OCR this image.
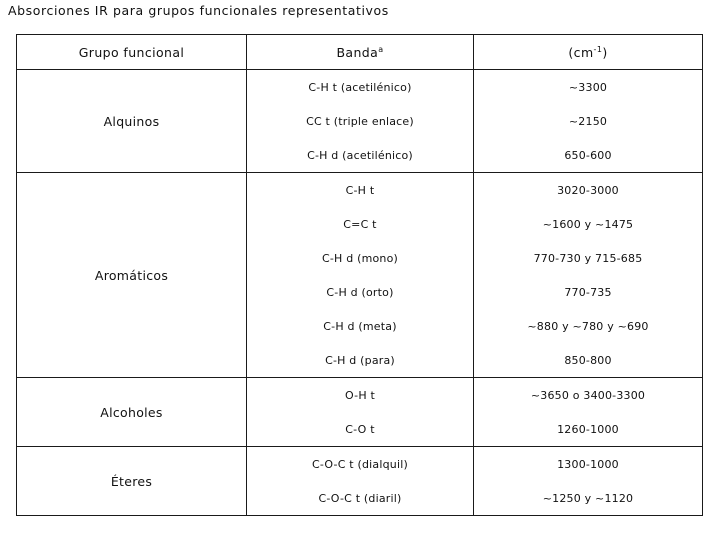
Absorciones IR para grupos funcionales representativos
Grupo funcional	Banda$^a$	$(cm^{-1})$
Alquinos	C-H t (acetilénico)	~3300
	CC t (triple enlace)	~2150
	C-H d (acetilénico)	650-600
Aromáticos	C-H t	3020-3000
	C=C t	~1600 y ~1475
	C-H d (mono)	770-730 y 715-685
	C-H d (orto)	770-735
	C-H d (meta)	~880 y ~780 y ~690
	C-H d (para)	850-800
Alcoholes	O-H t	~3650 o 3400-3300
	C-O t	1260-1000
Éteres	C-O-C t (dialquil)	1300-1000
	C-O-C t (diaril)	~1250 y ~1120
